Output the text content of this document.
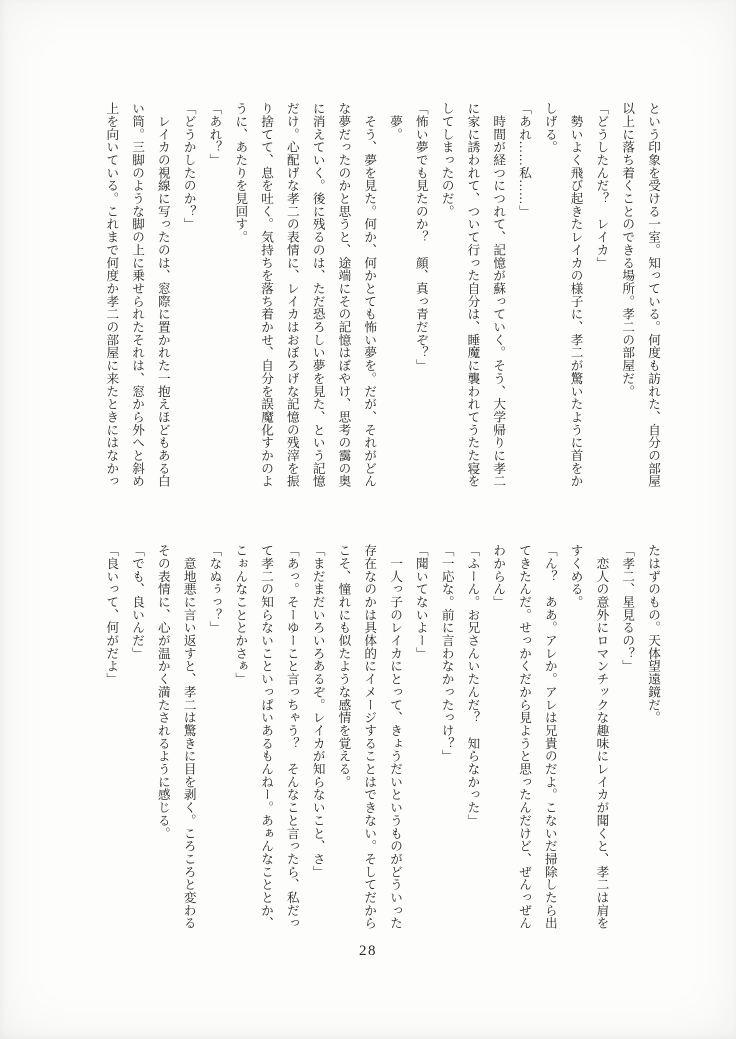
という印象を受ける一室。知っている。何度も訪れた、自分の部屋

以上に落ち着くことのできる場所。孝二の部屋だ。

「どうしたんだ？　レイカ」

　勢いよく飛び起きたレイカの様子に、孝二が驚いたように首をか

しげる。

「あれ……私……」

　時間が経つにつれて、記憶が蘇っていく。そう、大学帰りに孝二

に家に誘われて、ついて行った自分は、睡魔に襲われてうたた寝を

してしまったのだ。

「怖い夢でも見たのか？　顔、真っ青だぞ？」

　夢。

　そう、夢を見た。何か、何かとても怖い夢を。だが、それがどん

な夢だったのかと思うと、途端にその記憶はぼやけ、思考の靄の奥

に消えていく。後に残るのは、ただ恐ろしい夢を見た、という記憶

だけ。心配げな孝二の表情に、レイカはおぼろげな記憶の残滓を振

り捨てて、息を吐く。気持ちを落ち着かせ、自分を誤魔化すかのよ

うに、あたりを見回す。

「あれ？」

「どうかしたのか？」

　レイカの視線に写ったのは、窓際に置かれた一抱えほどもある白

い筒。三脚のような脚の上に乗せられたそれは、窓から外へと斜め

上を向いている。これまで何度か孝二の部屋に来たときにはなかっ

たはずのもの。天体望遠鏡だ。

「孝二、星見るの？」

　恋人の意外にロマンチックな趣味にレイカが聞くと、孝二は肩を

すくめる。

「ん？　ああ。アレか。アレは兄貴のだよ。こないだ掃除したら出

てきたんだ。せっかくだから見ようと思ったんだけど、ぜんっぜん

わからん」

「ふーん。お兄さんいたんだ？　知らなかった」

「一応な。前に言わなかったっけ？」

「聞いてないよー」

　一人っ子のレイカにとって、きょうだいというものがどういった

存在なのかは具体的にイメージすることはできない。そしてだから

こそ、憧れにも似たような感情を覚える。

「まだまだいろいろあるぞ。レイカが知らないこと、さ」

「あっ。そーゆーこと言っちゃう？　そんなこと言ったら、私だっ

て孝二の知らないこといっぱいあるもんねー。あぁんなこととか、

こぉんなこととかさぁ」

「なぬぅっ？」

　意地悪に言い返すと、孝二は驚きに目を剥く。ころころと変わる

その表情に、心が温かく満たされるように感じる。

「でも、良いんだ」

「良いって、何がだよ」

28
